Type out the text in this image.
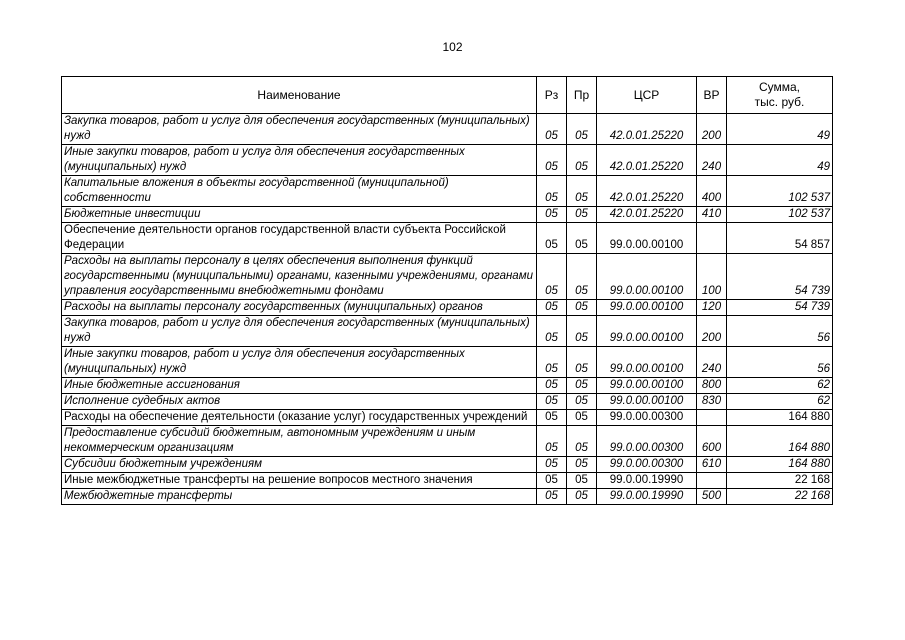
102
Наименование	Рз	Пр	ЦСР	ВР	Сумма,
тыс. руб.
Закупка товаров, работ и услуг для обеспечения государственных (муниципальных) нужд	05	05	42.0.01.25220	200	49
Иные закупки товаров, работ и услуг для обеспечения государственных (муниципальных) нужд	05	05	42.0.01.25220	240	49
Капитальные вложения в объекты государственной (муниципальной) собственности	05	05	42.0.01.25220	400	102 537
Бюджетные инвестиции	05	05	42.0.01.25220	410	102 537
Обеспечение деятельности органов государственной власти субъекта Российской Федерации	05	05	99.0.00.00100		54 857
Расходы на выплаты персоналу в целях обеспечения выполнения функций государственными (муниципальными) органами, казенными учреждениями, органами управления государственными внебюджетными фондами	05	05	99.0.00.00100	100	54 739
Расходы на выплаты персоналу государственных (муниципальных) органов	05	05	99.0.00.00100	120	54 739
Закупка товаров, работ и услуг для обеспечения государственных (муниципальных) нужд	05	05	99.0.00.00100	200	56
Иные закупки товаров, работ и услуг для обеспечения государственных (муниципальных) нужд	05	05	99.0.00.00100	240	56
Иные бюджетные ассигнования	05	05	99.0.00.00100	800	62
Исполнение судебных актов	05	05	99.0.00.00100	830	62
Расходы на обеспечение деятельности (оказание услуг) государственных учреждений	05	05	99.0.00.00300		164 880
Предоставление субсидий бюджетным, автономным учреждениям и иным некоммерческим организациям	05	05	99.0.00.00300	600	164 880
Субсидии бюджетным учреждениям	05	05	99.0.00.00300	610	164 880
Иные межбюджетные трансферты на решение вопросов местного значения	05	05	99.0.00.19990		22 168
Межбюджетные трансферты	05	05	99.0.00.19990	500	22 168
